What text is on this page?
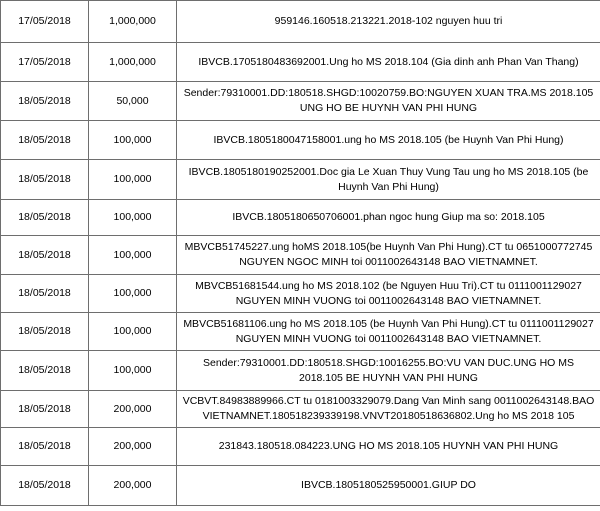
17/05/2018	1,000,000	959146.160518.213221.2018-102 nguyen huu tri
17/05/2018	1,000,000	IBVCB.1705180483692001.Ung ho MS 2018.104 (Gia dinh anh Phan Van Thang)
18/05/2018	50,000	Sender:79310001.DD:180518.SHGD:10020759.BO:NGUYEN XUAN TRA.MS 2018.105 UNG HO BE HUYNH VAN PHI HUNG
18/05/2018	100,000	IBVCB.1805180047158001.ung ho MS 2018.105 (be Huynh Van Phi Hung)
18/05/2018	100,000	IBVCB.1805180190252001.Doc gia Le Xuan Thuy Vung Tau ung ho MS 2018.105 (be Huynh Van Phi Hung)
18/05/2018	100,000	IBVCB.1805180650706001.phan ngoc hung Giup ma so: 2018.105
18/05/2018	100,000	MBVCB51745227.ung hoMS 2018.105(be Huynh Van Phi Hung).CT tu 0651000772745 NGUYEN NGOC MINH toi 0011002643148 BAO VIETNAMNET.
18/05/2018	100,000	MBVCB51681544.ung ho MS 2018.102 (be Nguyen Huu Tri).CT tu 0111001129027 NGUYEN MINH VUONG toi 0011002643148 BAO VIETNAMNET.
18/05/2018	100,000	MBVCB51681106.ung ho MS 2018.105 (be Huynh Van Phi Hung).CT tu 0111001129027 NGUYEN MINH VUONG toi 0011002643148 BAO VIETNAMNET.
18/05/2018	100,000	Sender:79310001.DD:180518.SHGD:10016255.BO:VU VAN DUC.UNG HO MS 2018.105 BE HUYNH VAN PHI HUNG
18/05/2018	200,000	VCBVT.84983889966.CT tu 0181003329079.Dang Van Minh sang 0011002643148.BAO VIETNAMNET.180518239339198.VNVT20180518636802.Ung ho MS 2018 105
18/05/2018	200,000	231843.180518.084223.UNG HO MS 2018.105 HUYNH VAN PHI HUNG
18/05/2018	200,000	IBVCB.1805180525950001.GIUP DO
